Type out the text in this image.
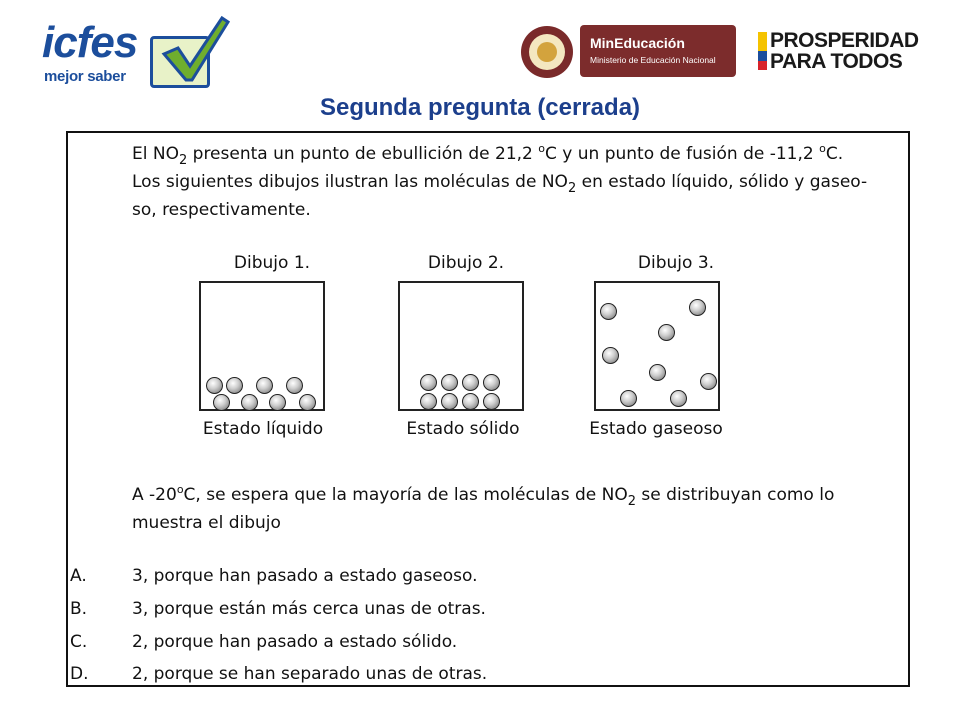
icfes
mejor saber
MinEducación
Ministerio de Educación Nacional
PROSPERIDAD
PARA TODOS
Segunda pregunta (cerrada)
El $NO_2$ presenta un punto de ebullición de 21,2 $^o$C y un punto de fusión de -11,2 $^o$C.
Los siguientes dibujos ilustran las moléculas de $NO_2$ en estado líquido, sólido y gaseo-
so, respectivamente.
Dibujo 1.
Estado líquido
Dibujo 2.
Estado sólido
Dibujo 3.
Estado gaseoso
A -20$^o$C, se espera que la mayoría de las moléculas de $NO_2$ se distribuyan como lo
muestra el dibujo
A.	3, porque han pasado a estado gaseoso.
B.	3, porque están más cerca unas de otras.
C.	2, porque han pasado a estado sólido.
D.	2, porque se han separado unas de otras.
